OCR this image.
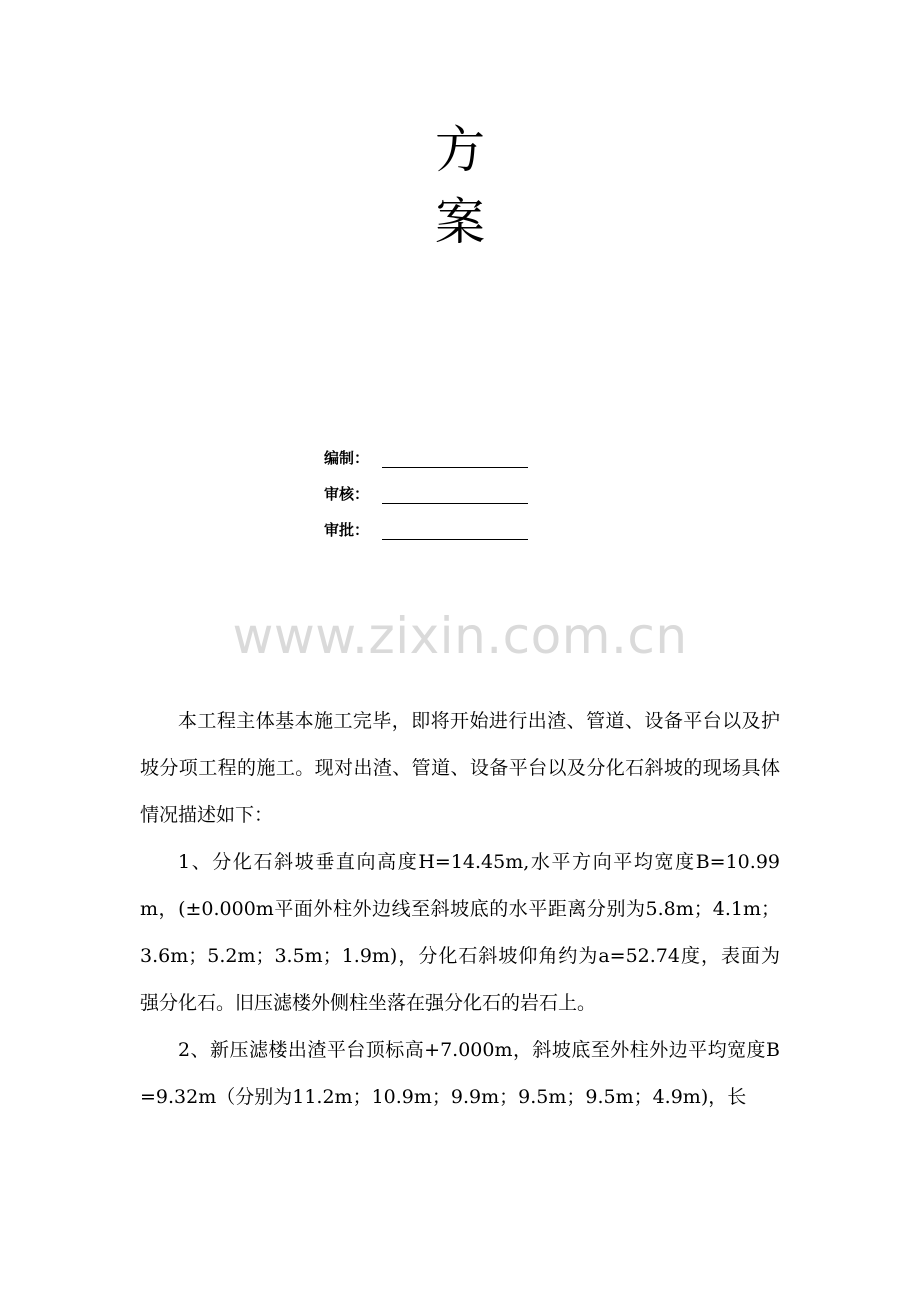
方
案
编制：
审核：
审批：
www.zixin.com.cn

本工程主体基本施工完毕，即将开始进行出渣、管道、设备平台以及护坡分项工程的施工。现对出渣、管道、设备平台以及分化石斜坡的现场具体情况描述如下：

1、分化石斜坡垂直向高度H=14.45m,水平方向平均宽度B=10.99m，(±0.000m平面外柱外边线至斜坡底的水平距离分别为5.8m；4.1m；3.6m；5.2m；3.5m；1.9m)，分化石斜坡仰角约为a=52.74度，表面为强分化石。旧压滤楼外侧柱坐落在强分化石的岩石上。

2、新压滤楼出渣平台顶标高+7.000m，斜坡底至外柱外边平均宽度B=9.32m（分别为11.2m；10.9m；9.9m；9.5m；9.5m；4.9m)，长
